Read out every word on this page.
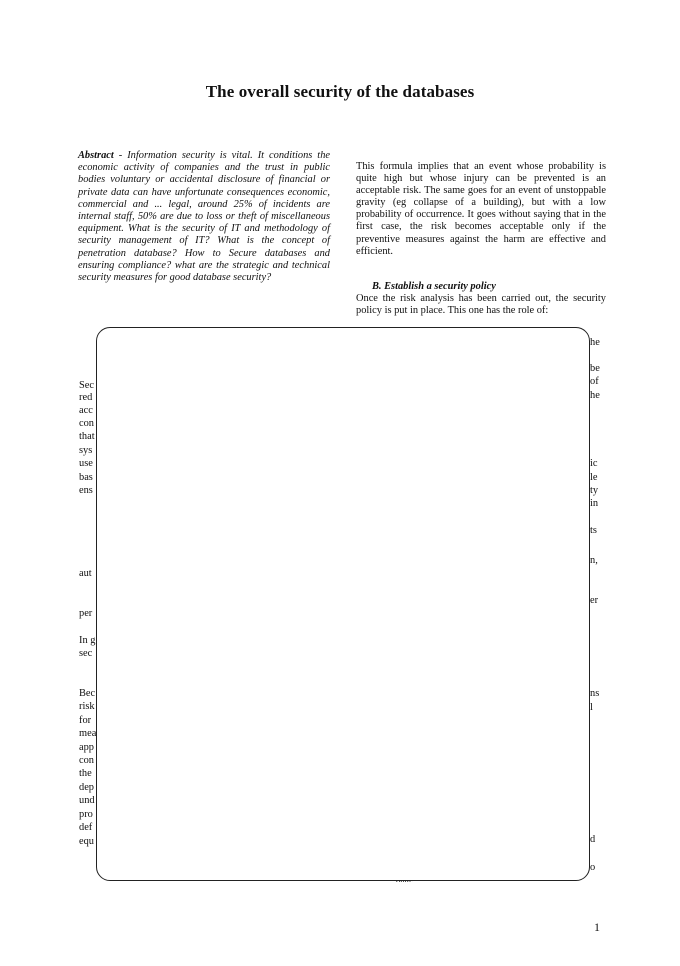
The overall security of the databases
Abstract - Information security is vital. It conditions the economic activity of companies and the trust in public bodies voluntary or accidental disclosure of financial or private data can have unfortunate consequences economic, commercial and ... legal, around 25% of incidents are internal staff, 50% are due to loss or theft of miscellaneous equipment. What is the security of IT and methodology of security management of IT? What is the concept of penetration database? How to Secure databases and ensuring compliance? what are the strategic and technical security measures for good database security?
This formula implies that an event whose probability is quite high but whose injury can be prevented is an acceptable risk. The same goes for an event of unstoppable gravity (eg collapse of a building), but with a low probability of occurrence. It goes without saying that in the first case, the risk becomes acceptable only if the preventive measures against the harm are effective and efficient.
B. Establish a security policy
Once the risk analysis has been carried out, the security policy is put in place. This one has the role of:
Sec
red
acc
con
that
sys
use
bas
ens
aut
per
In g
sec
Bec
risk
for
mea
app
con
the
dep
und
pro
def
equ
he
be
of
he
ic
le
ty
in
ts
n,
er
ns
l
d
o
1
